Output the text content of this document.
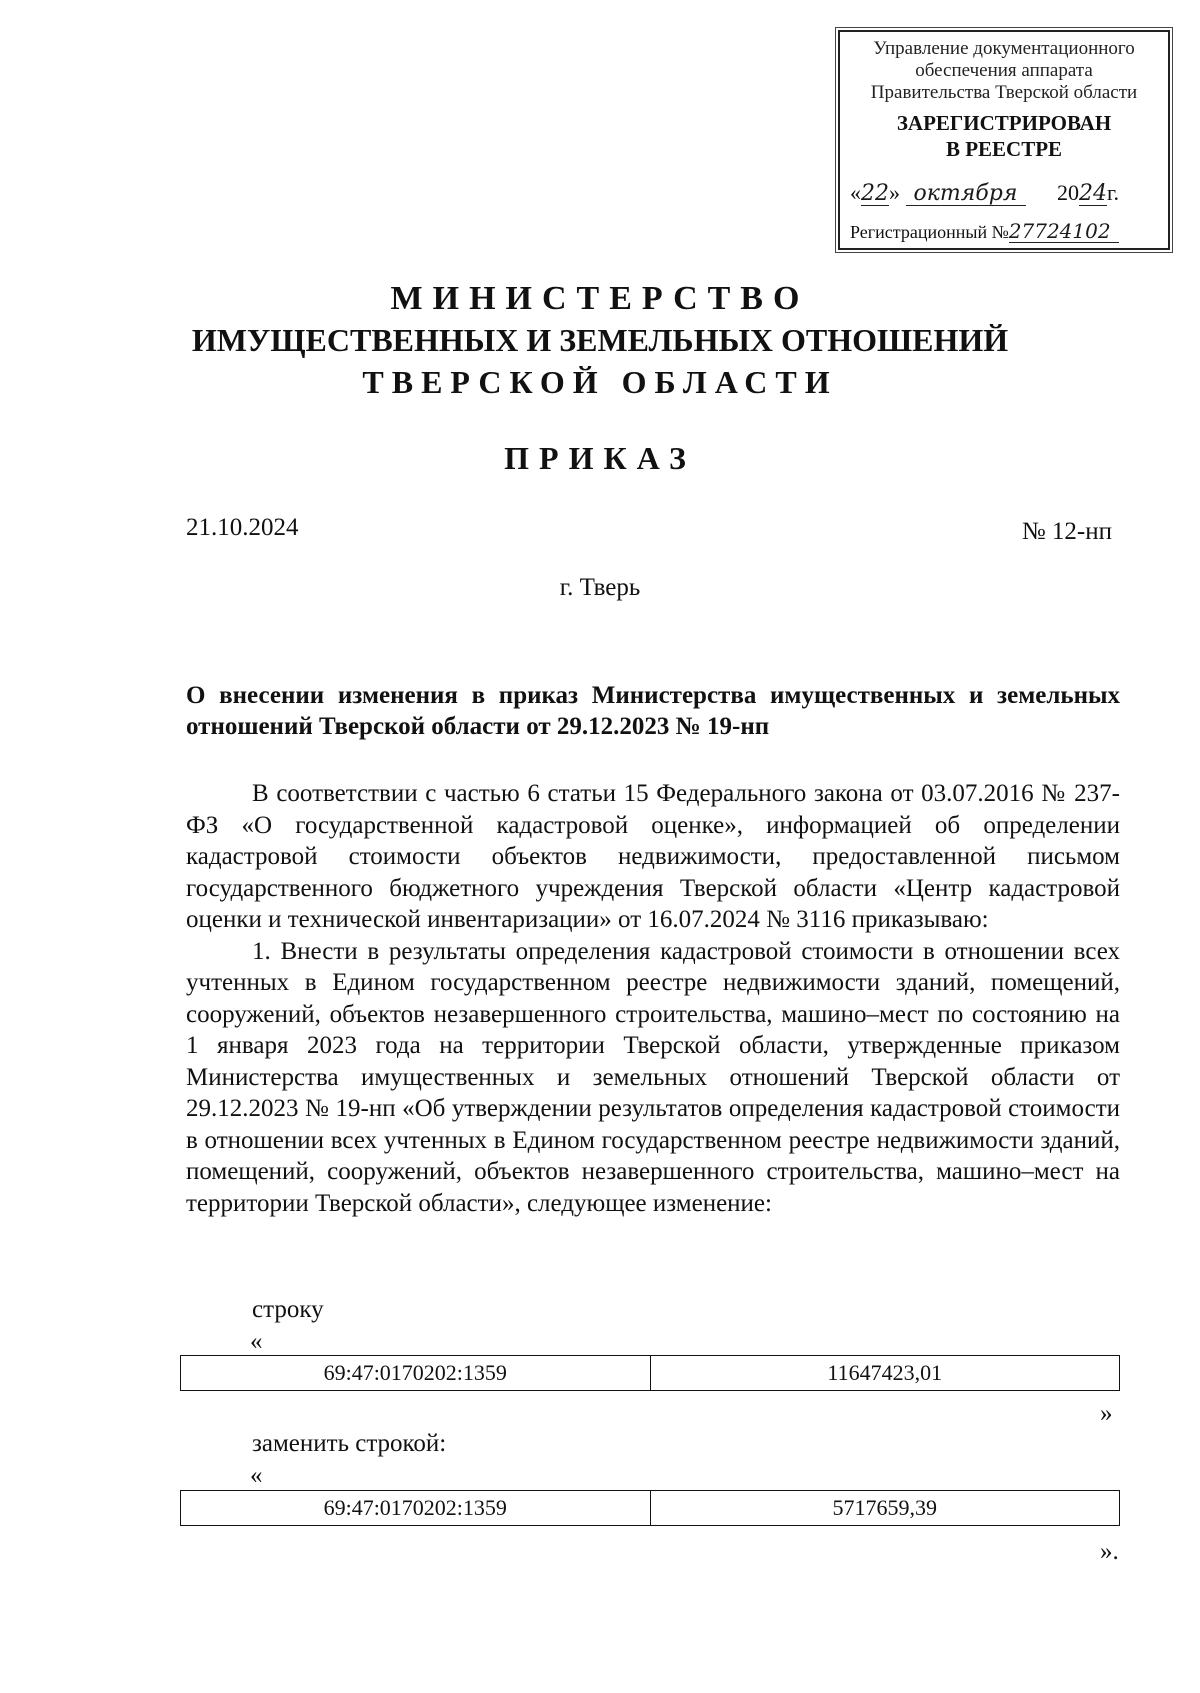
Управление документационного
обеспечения аппарата
Правительства Тверской области
ЗАРЕГИСТРИРОВАН
В РЕЕСТРЕ
«22» октября 2024г.
Регистрационный №27724102
МИНИСТЕРСТВО
ИМУЩЕСТВЕННЫХ И ЗЕМЕЛЬНЫХ ОТНОШЕНИЙ
ТВЕРСКОЙ ОБЛАСТИ
ПРИКАЗ
21.10.2024	№ 12-нп
г. Тверь
О внесении изменения в приказ Министерства имущественных и земельных отношений Тверской области от 29.12.2023 № 19-нп

В соответствии с частью 6 статьи 15 Федерального закона от 03.07.2016 № 237-ФЗ «О государственной кадастровой оценке», информацией об определении кадастровой стоимости объектов недвижимости, предоставленной письмом государственного бюджетного учреждения Тверской области «Центр кадастровой оценки и технической инвентаризации» от 16.07.2024 № 3116 приказываю:

1. Внести в результаты определения кадастровой стоимости в отношении всех учтенных в Едином государственном реестре недвижимости зданий, помещений, сооружений, объектов незавершенного строительства, машино–мест по состоянию на 1 января 2023 года на территории Тверской области, утвержденные приказом Министерства имущественных и земельных отношений Тверской области от 29.12.2023 № 19-нп «Об утверждении результатов определения кадастровой стоимости в отношении всех учтенных в Едином государственном реестре недвижимости зданий, помещений, сооружений, объектов незавершенного строительства, машино–мест на территории Тверской области», следующее изменение:

строку
«
69:47:0170202:1359	11647423,01
»
заменить строкой:
«
69:47:0170202:1359	5717659,39
».
